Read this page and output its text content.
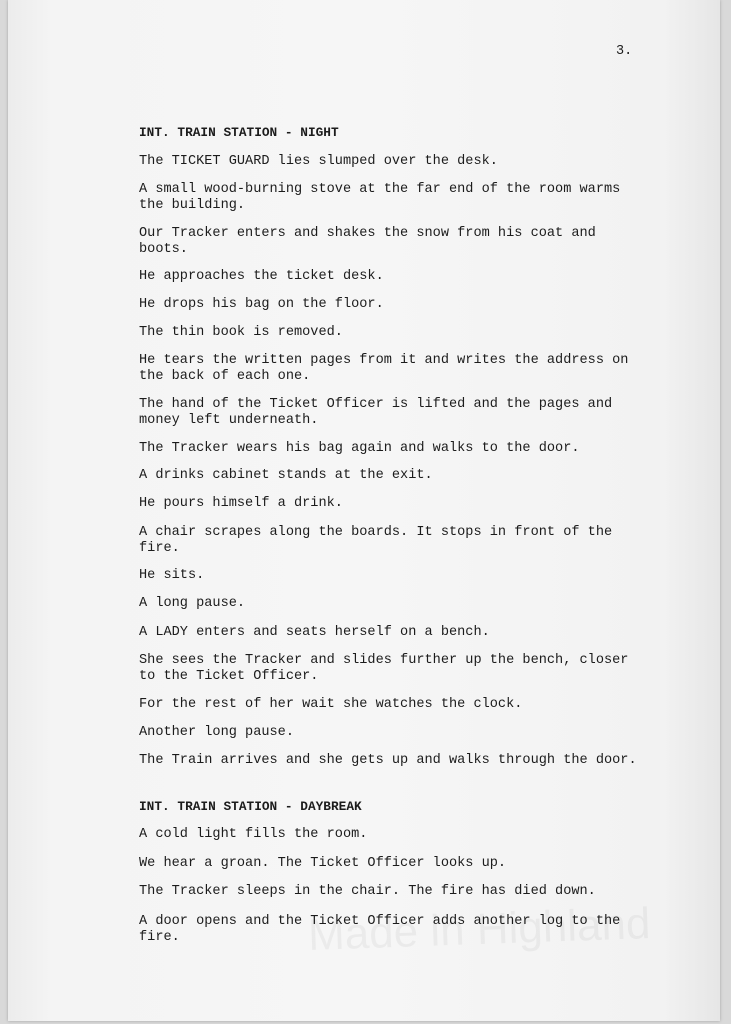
3.
INT. TRAIN STATION - NIGHT
The TICKET GUARD lies slumped over the desk.
A small wood-burning stove at the far end of the room warms
the building.
Our Tracker enters and shakes the snow from his coat and
boots.
He approaches the ticket desk.
He drops his bag on the floor.
The thin book is removed.
He tears the written pages from it and writes the address on
the back of each one.
The hand of the Ticket Officer is lifted and the pages and
money left underneath.
The Tracker wears his bag again and walks to the door.
A drinks cabinet stands at the exit.
He pours himself a drink.
A chair scrapes along the boards. It stops in front of the
fire.
He sits.
A long pause.
A LADY enters and seats herself on a bench.
She sees the Tracker and slides further up the bench, closer
to the Ticket Officer.
For the rest of her wait she watches the clock.
Another long pause.
The Train arrives and she gets up and walks through the door.
INT. TRAIN STATION - DAYBREAK
A cold light fills the room.
We hear a groan. The Ticket Officer looks up.
The Tracker sleeps in the chair. The fire has died down.
A door opens and the Ticket Officer adds another log to the
fire.
